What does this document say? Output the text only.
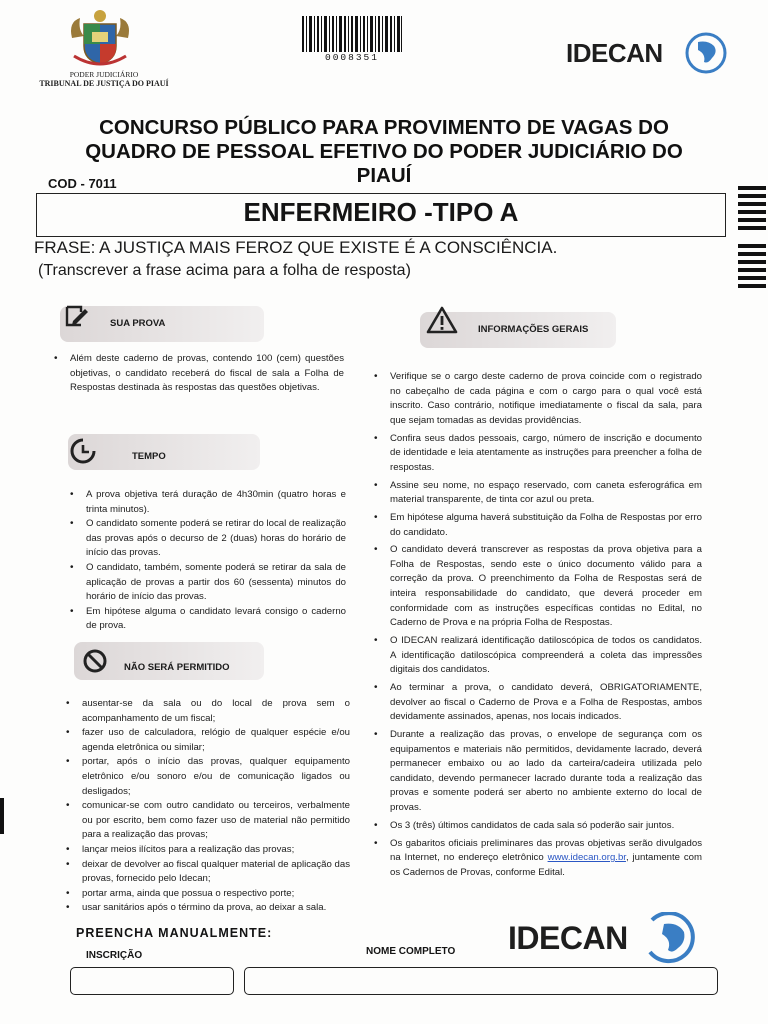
PODER JUDICIÁRIO
TRIBUNAL DE JUSTIÇA DO PIAUÍ
0008351	IDECAN
CONCURSO PÚBLICO PARA PROVIMENTO DE VAGAS DO
QUADRO DE PESSOAL EFETIVO DO PODER JUDICIÁRIO DO
PIAUÍ
COD - 7011
ENFERMEIRO -TIPO A
FRASE: A JUSTIÇA MAIS FEROZ QUE EXISTE É A CONSCIÊNCIA.
(Transcrever a frase acima para a folha de resposta)
SUA PROVA
• Além deste caderno de provas, contendo 100 (cem) questões objetivas, o candidato receberá do fiscal de sala a Folha de Respostas destinada às respostas das questões objetivas.
TEMPO
• A prova objetiva terá duração de 4h30min (quatro horas e trinta minutos).
• O candidato somente poderá se retirar do local de realização das provas após o decurso de 2 (duas) horas do horário de início das provas.
• O candidato, também, somente poderá se retirar da sala de aplicação de provas a partir dos 60 (sessenta) minutos do horário de início das provas.
• Em hipótese alguma o candidato levará consigo o caderno de prova.
NÃO SERÁ PERMITIDO
• ausentar-se da sala ou do local de prova sem o acompanhamento de um fiscal;
• fazer uso de calculadora, relógio de qualquer espécie e/ou agenda eletrônica ou similar;
• portar, após o início das provas, qualquer equipamento eletrônico e/ou sonoro e/ou de comunicação ligados ou desligados;
• comunicar-se com outro candidato ou terceiros, verbalmente ou por escrito, bem como fazer uso de material não permitido para a realização das provas;
• lançar meios ilícitos para a realização das provas;
• deixar de devolver ao fiscal qualquer material de aplicação das provas, fornecido pelo Idecan;
• portar arma, ainda que possua o respectivo porte;
• usar sanitários após o término da prova, ao deixar a sala.
INFORMAÇÕES GERAIS
• Verifique se o cargo deste caderno de prova coincide com o registrado no cabeçalho de cada página e com o cargo para o qual você está inscrito. Caso contrário, notifique imediatamente o fiscal da sala, para que sejam tomadas as devidas providências.
• Confira seus dados pessoais, cargo, número de inscrição e documento de identidade e leia atentamente as instruções para preencher a folha de respostas.
• Assine seu nome, no espaço reservado, com caneta esferográfica em material transparente, de tinta cor azul ou preta.
• Em hipótese alguma haverá substituição da Folha de Respostas por erro do candidato.
• O candidato deverá transcrever as respostas da prova objetiva para a Folha de Respostas, sendo este o único documento válido para a correção da prova. O preenchimento da Folha de Respostas será de inteira responsabilidade do candidato, que deverá proceder em conformidade com as instruções específicas contidas no Edital, no Caderno de Prova e na própria Folha de Respostas.
• O IDECAN realizará identificação datiloscópica de todos os candidatos. A identificação datiloscópica compreenderá a coleta das impressões digitais dos candidatos.
• Ao terminar a prova, o candidato deverá, OBRIGATORIAMENTE, devolver ao fiscal o Caderno de Prova e a Folha de Respostas, ambos devidamente assinados, apenas, nos locais indicados.
• Durante a realização das provas, o envelope de segurança com os equipamentos e materiais não permitidos, devidamente lacrado, deverá permanecer embaixo ou ao lado da carteira/cadeira utilizada pelo candidato, devendo permanecer lacrado durante toda a realização das provas e somente poderá ser aberto no ambiente externo do local de provas.
• Os 3 (três) últimos candidatos de cada sala só poderão sair juntos.
• Os gabaritos oficiais preliminares das provas objetivas serão divulgados na Internet, no endereço eletrônico www.idecan.org.br, juntamente com os Cadernos de Provas, conforme Edital.
PREENCHA MANUALMENTE:
INSCRIÇÃO	NOME COMPLETO IDECAN
